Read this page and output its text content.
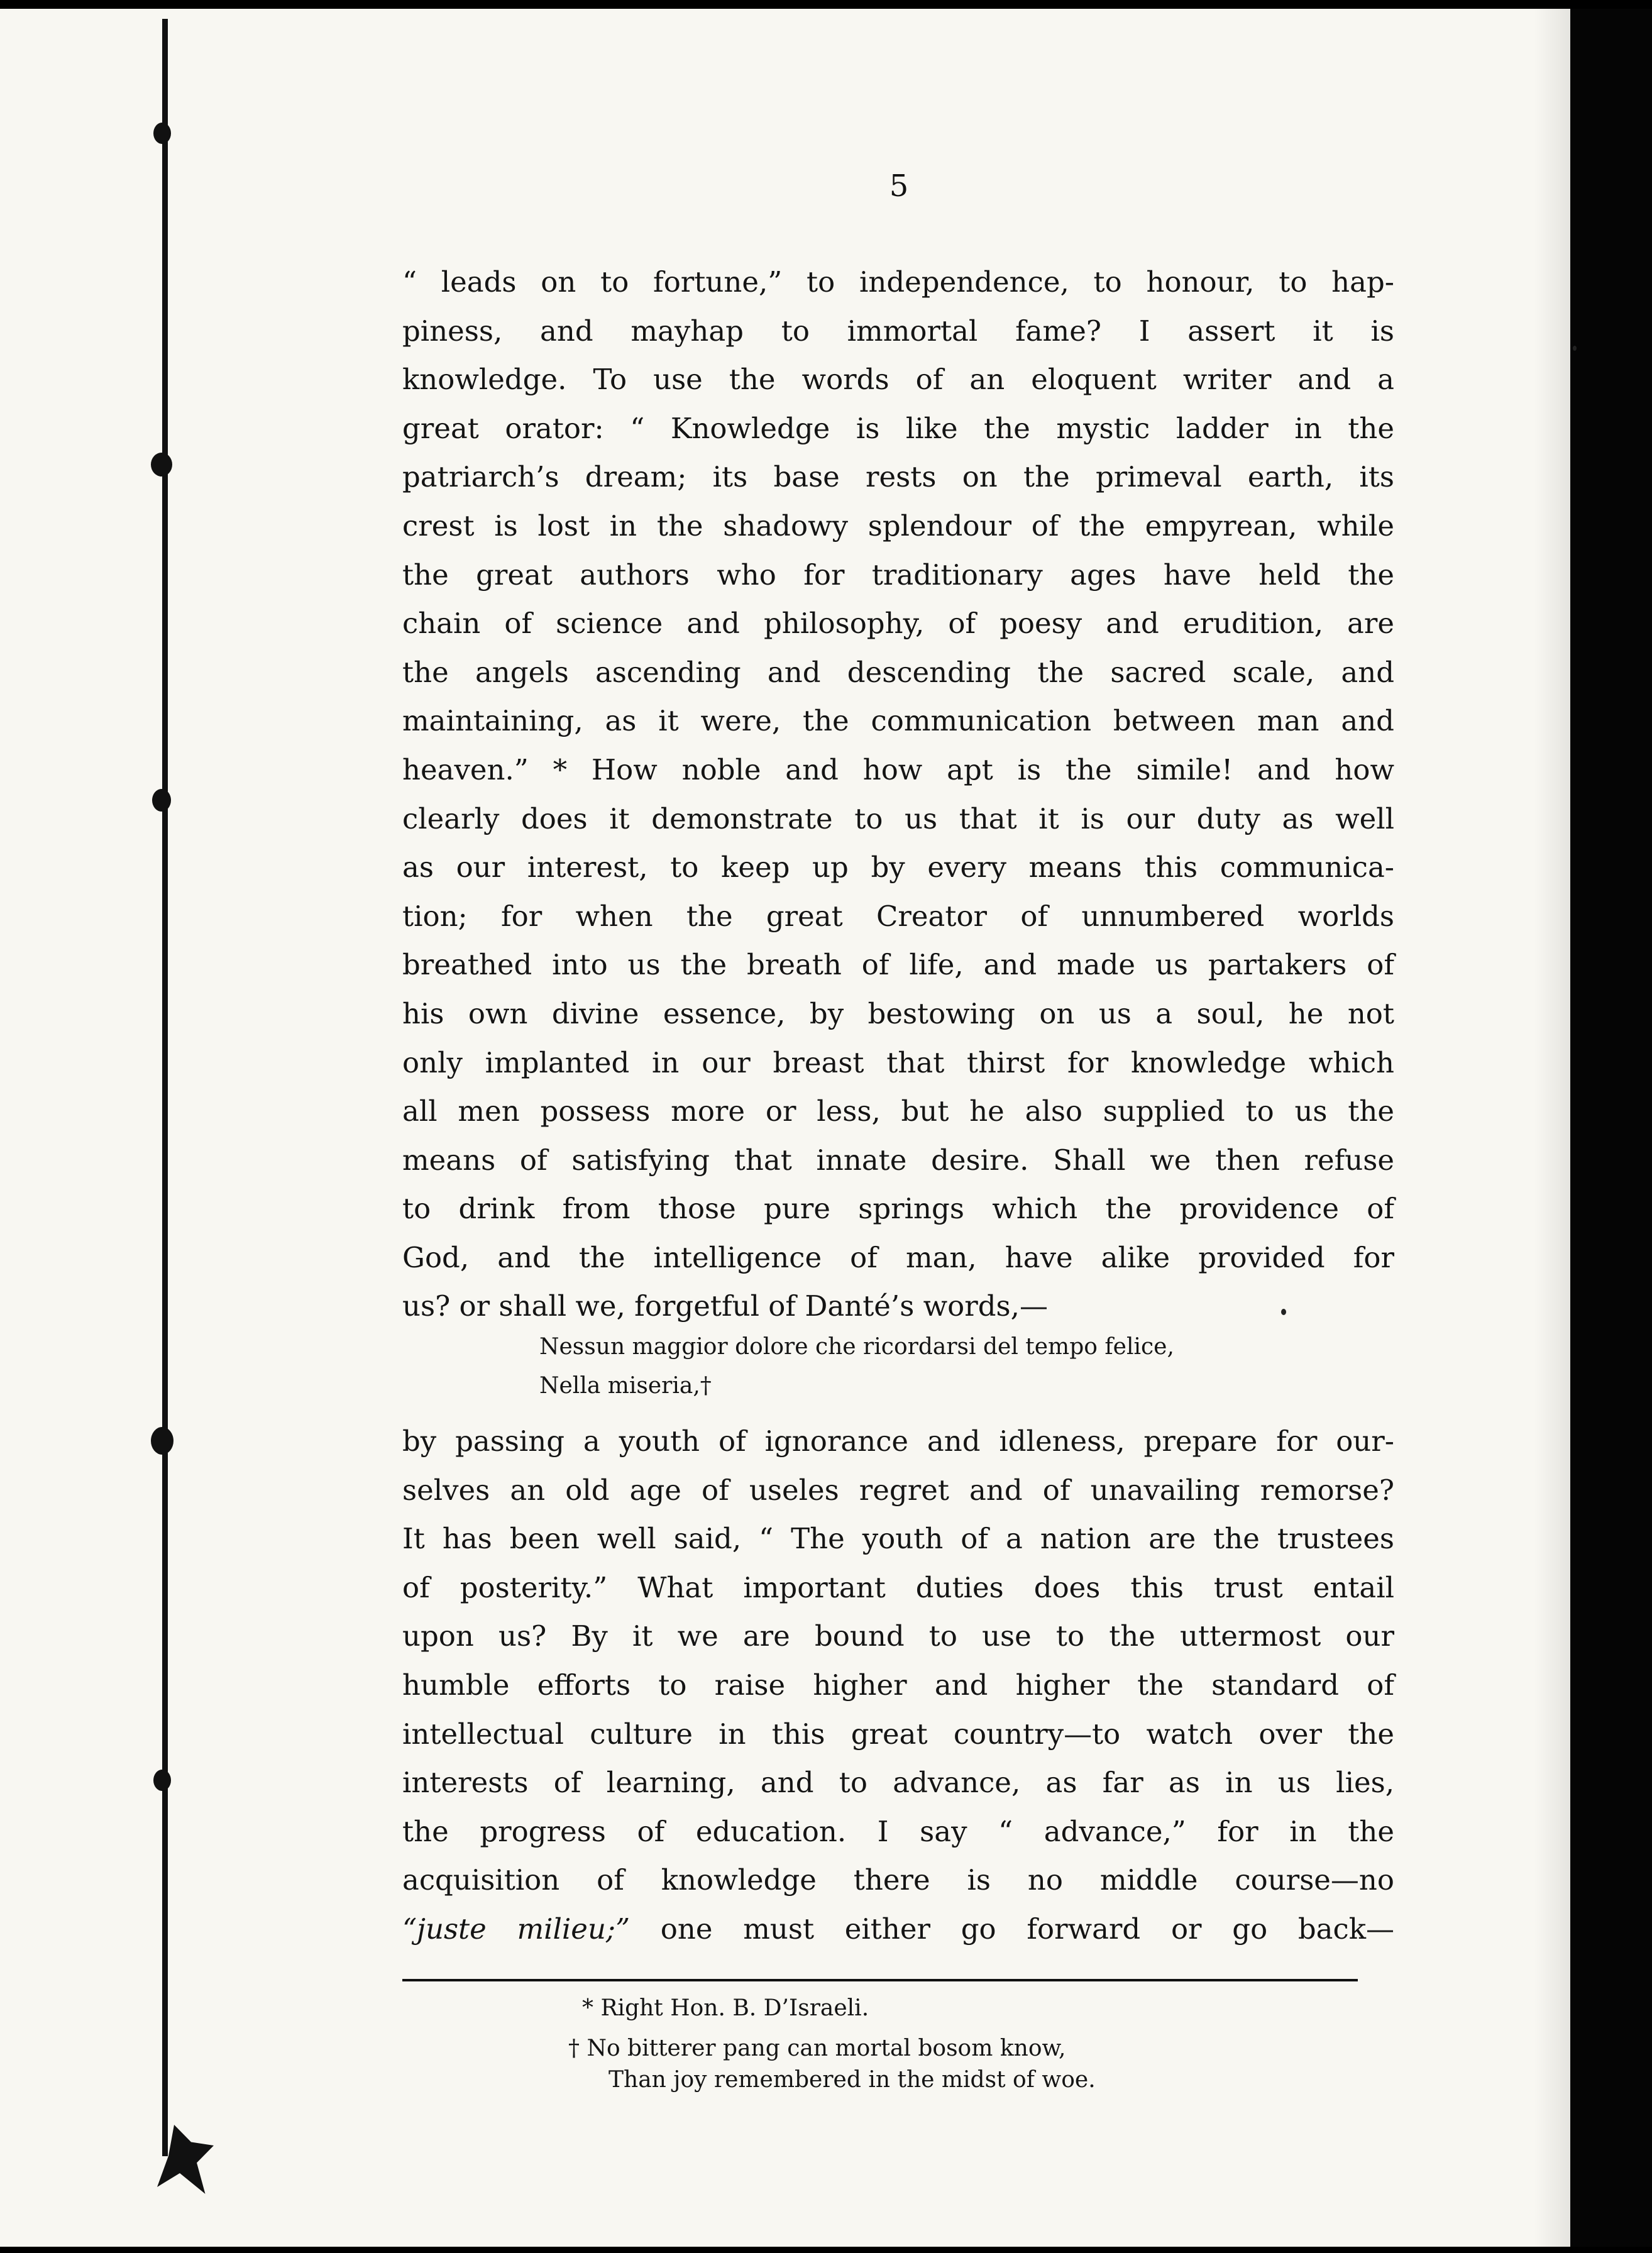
5
“ leads on to fortune,” to independence, to honour, to hap-
piness, and mayhap to immortal fame? I assert it is
knowledge. To use the words of an eloquent writer and a
great orator: “ Knowledge is like the mystic ladder in the
patriarch’s dream; its base rests on the primeval earth, its
crest is lost in the shadowy splendour of the empyrean, while
the great authors who for traditionary ages have held the
chain of science and philosophy, of poesy and erudition, are
the angels ascending and descending the sacred scale, and
maintaining, as it were, the communication between man and
heaven.” * How noble and how apt is the simile! and how
clearly does it demonstrate to us that it is our duty as well
as our interest, to keep up by every means this communica-
tion; for when the great Creator of unnumbered worlds
breathed into us the breath of life, and made us partakers of
his own divine essence, by bestowing on us a soul, he not
only implanted in our breast that thirst for knowledge which
all men possess more or less, but he also supplied to us the
means of satisfying that innate desire. Shall we then refuse
to drink from those pure springs which the providence of
God, and the intelligence of man, have alike provided for
us? or shall we, forgetful of Danté’s words,—
Nessun maggior dolore che ricordarsi del tempo felice,
Nella miseria,†
by passing a youth of ignorance and idleness, prepare for our-
selves an old age of useles regret and of unavailing remorse?
It has been well said, “ The youth of a nation are the trustees
of posterity.” What important duties does this trust entail
upon us? By it we are bound to use to the uttermost our
humble efforts to raise higher and higher the standard of
intellectual culture in this great country—to watch over the
interests of learning, and to advance, as far as in us lies,
the progress of education. I say “ advance,” for in the
acquisition of knowledge there is no middle course—no
“juste milieu;” one must either go forward or go back—
* Right Hon. B. D’Israeli.
† No bitterer pang can mortal bosom know,
Than joy remembered in the midst of woe.
